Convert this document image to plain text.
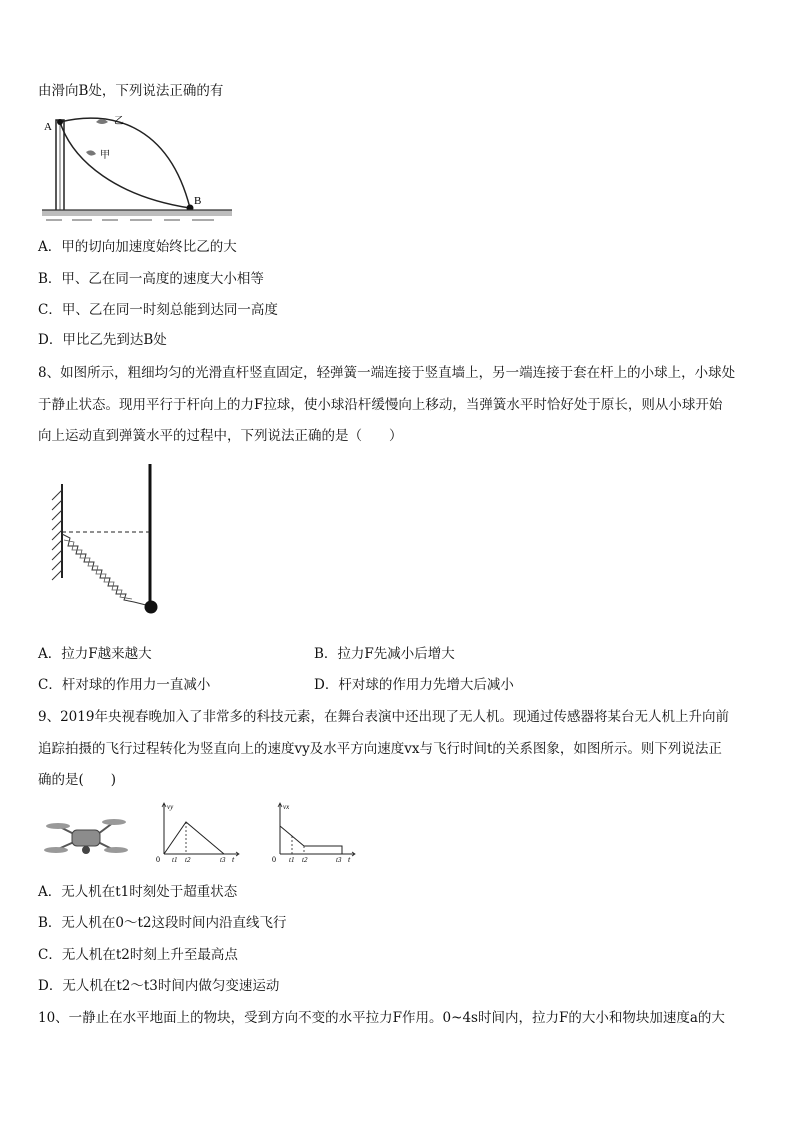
由滑向B处，下列说法正确的有
A
B
乙
甲
A．甲的切向加速度始终比乙的大
B．甲、乙在同一高度的速度大小相等
C．甲、乙在同一时刻总能到达同一高度
D．甲比乙先到达B处
8、如图所示，粗细均匀的光滑直杆竖直固定，轻弹簧一端连接于竖直墙上，另一端连接于套在杆上的小球上，小球处
于静止状态。现用平行于杆向上的力F拉球，使小球沿杆缓慢向上移动，当弹簧水平时恰好处于原长，则从小球开始
向上运动直到弹簧水平的过程中，下列说法正确的是（　　）
A．拉力F越来越大	B．拉力F先减小后增大
C．杆对球的作用力一直减小	D．杆对球的作用力先增大后减小
9、2019年央视春晚加入了非常多的科技元素，在舞台表演中还出现了无人机。现通过传感器将某台无人机上升向前
追踪拍摄的飞行过程转化为竖直向上的速度vy及水平方向速度vx与飞行时间t的关系图象，如图所示。则下列说法正
确的是(　　)
vy
0 t1 t2	t3 t
vx
0 t1 t2	t3 t
A．无人机在t1时刻处于超重状态
B．无人机在0～t2这段时间内沿直线飞行
C．无人机在t2时刻上升至最高点
D．无人机在t2～t3时间内做匀变速运动
10、一静止在水平地面上的物块，受到方向不变的水平拉力F作用。0~4s时间内，拉力F的大小和物块加速度a的大
